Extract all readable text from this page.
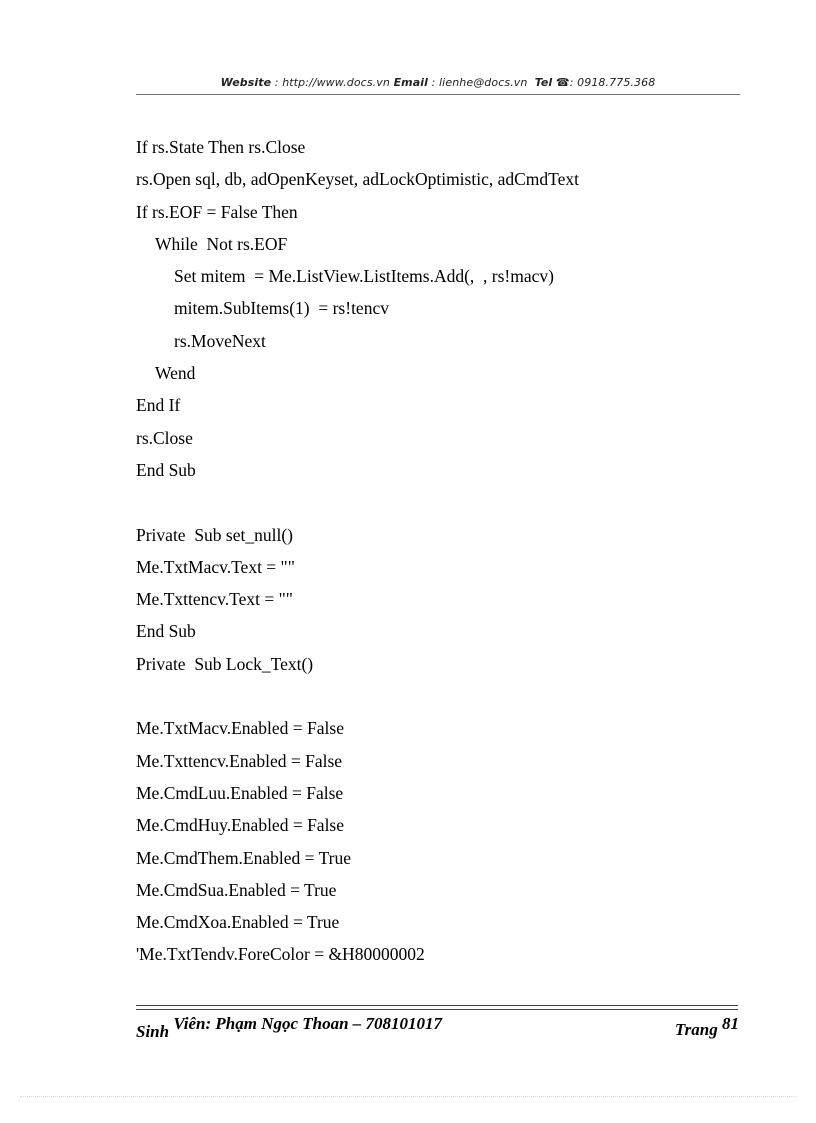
Website : http://www.docs.vn Email : lienhe@docs.vn Tel ☎: 0918.775.368
If rs.State Then rs.Close
rs.Open sql, db, adOpenKeyset, adLockOptimistic, adCmdText
If rs.EOF = False Then
While  Not rs.EOF
Set mitem  = Me.ListView.ListItems.Add(,  , rs!macv)
mitem.SubItems(1)  = rs!tencv
rs.MoveNext
Wend
End If
rs.Close
End Sub
Private  Sub set_null()
Me.TxtMacv.Text = ""
Me.Txttencv.Text = ""
End Sub
Private  Sub Lock_Text()
Me.TxtMacv.Enabled = False
Me.Txttencv.Enabled = False
Me.CmdLuu.Enabled = False
Me.CmdHuy.Enabled = False
Me.CmdThem.Enabled = True
Me.CmdSua.Enabled = True
Me.CmdXoa.Enabled = True
'Me.TxtTendv.ForeColor = &H80000002
Sinh Viên: Phạm Ngọc Thoan – 708101017	Trang 81
